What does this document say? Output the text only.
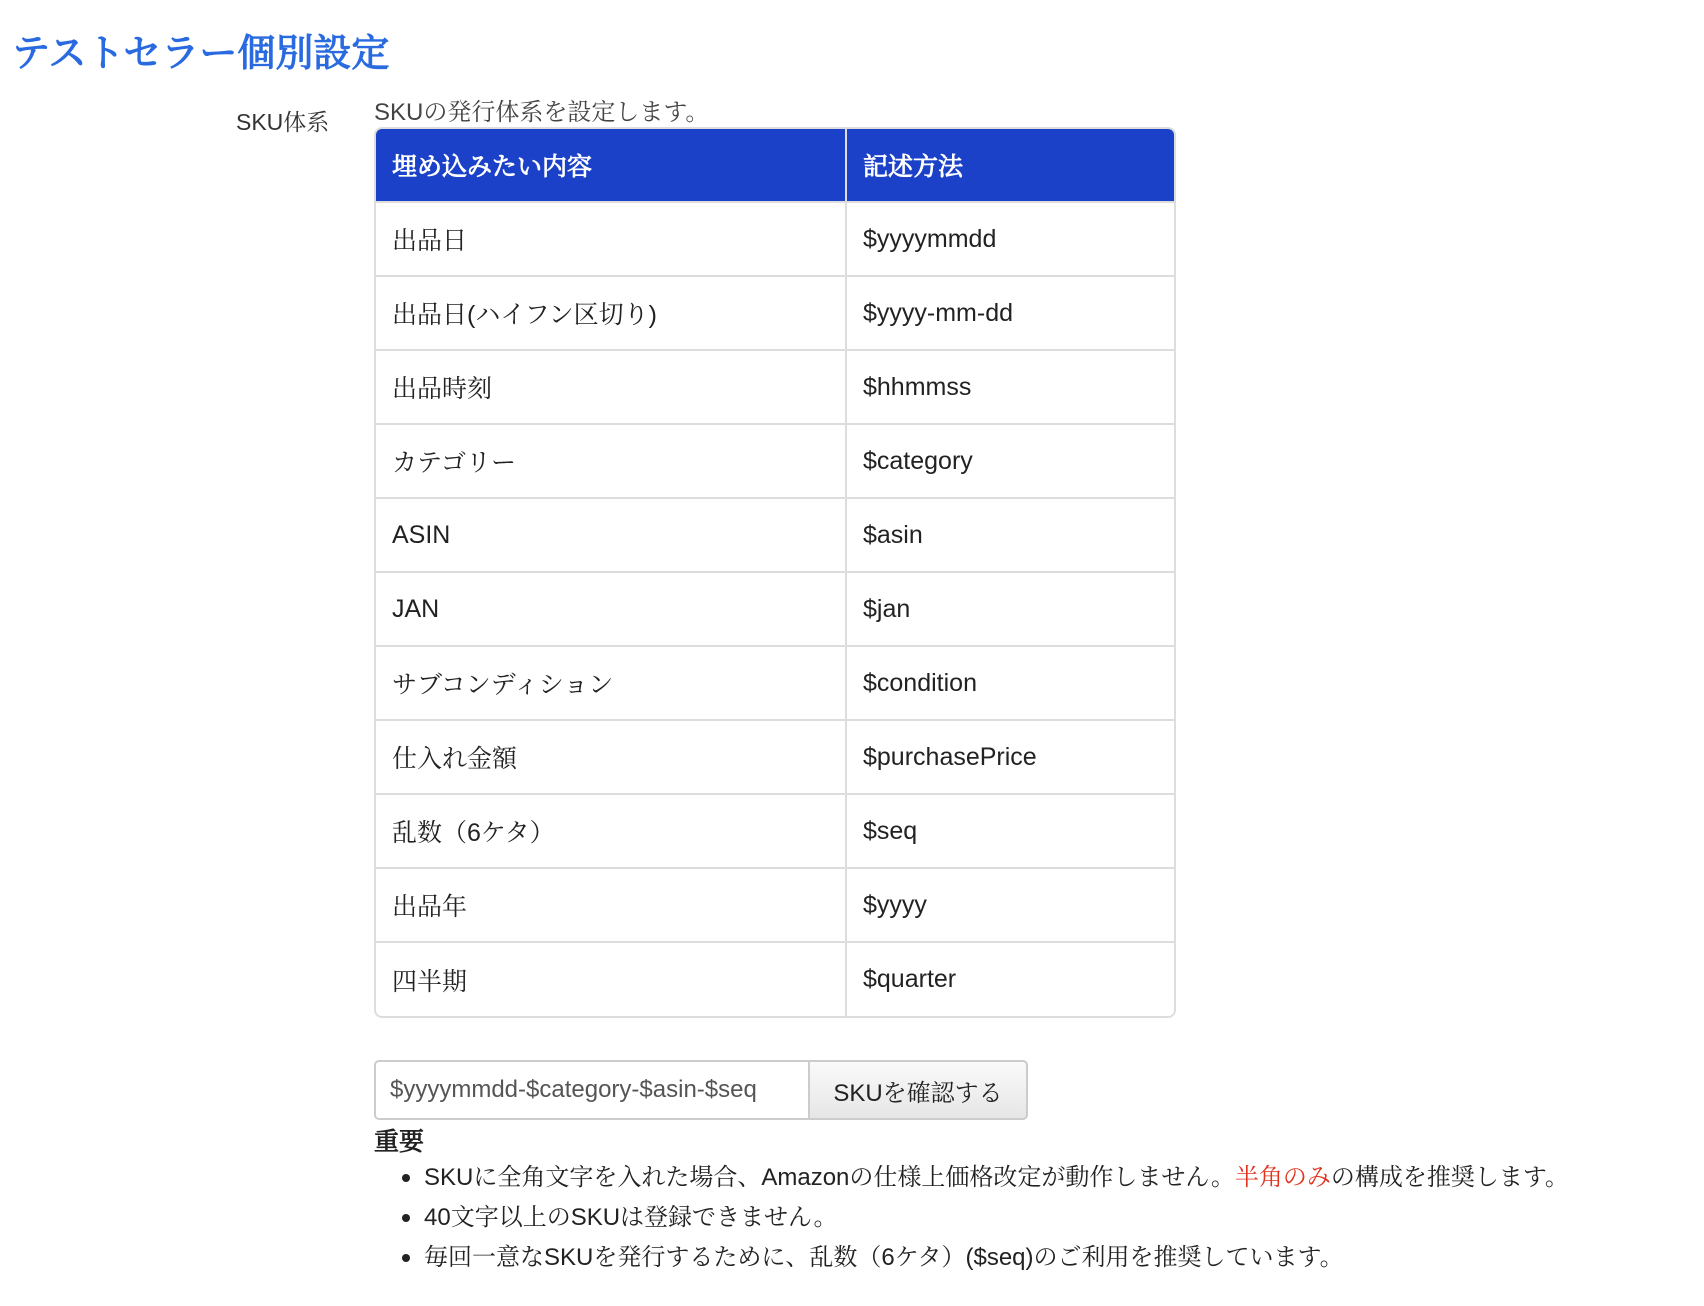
テストセラー個別設定
SKU体系 SKUの発行体系を設定します。
埋め込みたい内容	記述方法
出品日	$yyyymmdd
出品日(ハイフン区切り)	$yyyy-mm-dd
出品時刻	$hhmmss
カテゴリー	$category
ASIN	$asin
JAN	$jan
サブコンディション	$condition
仕入れ金額	$purchasePrice
乱数（6ケタ）	$seq
出品年	$yyyy
四半期	$quarter
$yyyymmdd-$category-$asin-$seq
SKUを確認する
重要
SKUに全角文字を入れた場合、Amazonの仕様上価格改定が動作しません。半角のみの構成を推奨します。
40文字以上のSKUは登録できません。
毎回一意なSKUを発行するために、乱数（6ケタ）($seq)のご利用を推奨しています。
